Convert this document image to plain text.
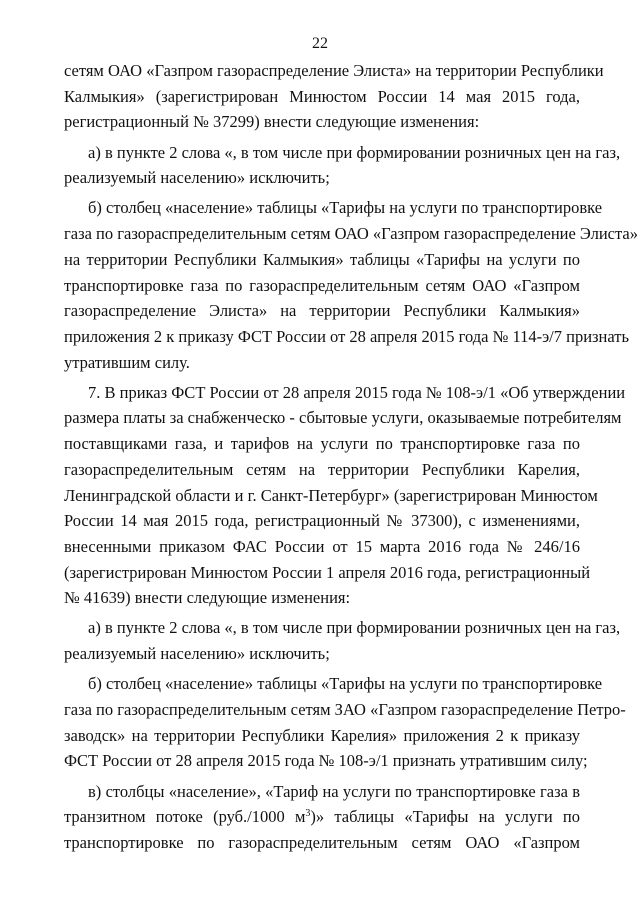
22
сетям ОАО «Газпром газораспределение Элиста» на территории Республики
Калмыкия» (зарегистрирован Минюстом России 14 мая 2015 года,
регистрационный № 37299) внести следующие изменения:
а) в пункте 2 слова «, в том числе при формировании розничных цен на газ,
реализуемый населению» исключить;
б) столбец «население» таблицы «Тарифы на услуги по транспортировке
газа по газораспределительным сетям ОАО «Газпром газораспределение Элиста»
на территории Республики Калмыкия» таблицы «Тарифы на услуги по
транспортировке газа по газораспределительным сетям ОАО «Газпром
газораспределение Элиста» на территории Республики Калмыкия»
приложения 2 к приказу ФСТ России от 28 апреля 2015 года № 114-э/7 признать
утратившим силу.
7. В приказ ФСТ России от 28 апреля 2015 года № 108-э/1 «Об утверждении
размера платы за снабженческо - сбытовые услуги, оказываемые потребителям
поставщиками газа, и тарифов на услуги по транспортировке газа по
газораспределительным сетям на территории Республики Карелия,
Ленинградской области и г. Санкт-Петербург» (зарегистрирован Минюстом
России 14 мая 2015 года, регистрационный № 37300), с изменениями,
внесенными приказом ФАС России от 15 марта 2016 года № 246/16
(зарегистрирован Минюстом России 1 апреля 2016 года, регистрационный
№ 41639) внести следующие изменения:
а) в пункте 2 слова «, в том числе при формировании розничных цен на газ,
реализуемый населению» исключить;
б) столбец «население» таблицы «Тарифы на услуги по транспортировке
газа по газораспределительным сетям ЗАО «Газпром газораспределение Петро-
заводск» на территории Республики Карелия» приложения 2 к приказу
ФСТ России от 28 апреля 2015 года № 108-э/1 признать утратившим силу;
в) столбцы «население», «Тариф на услуги по транспортировке газа в
транзитном потоке (руб./1000 $м^3$)» таблицы «Тарифы на услуги по
транспортировке по газораспределительным сетям ОАО «Газпром
